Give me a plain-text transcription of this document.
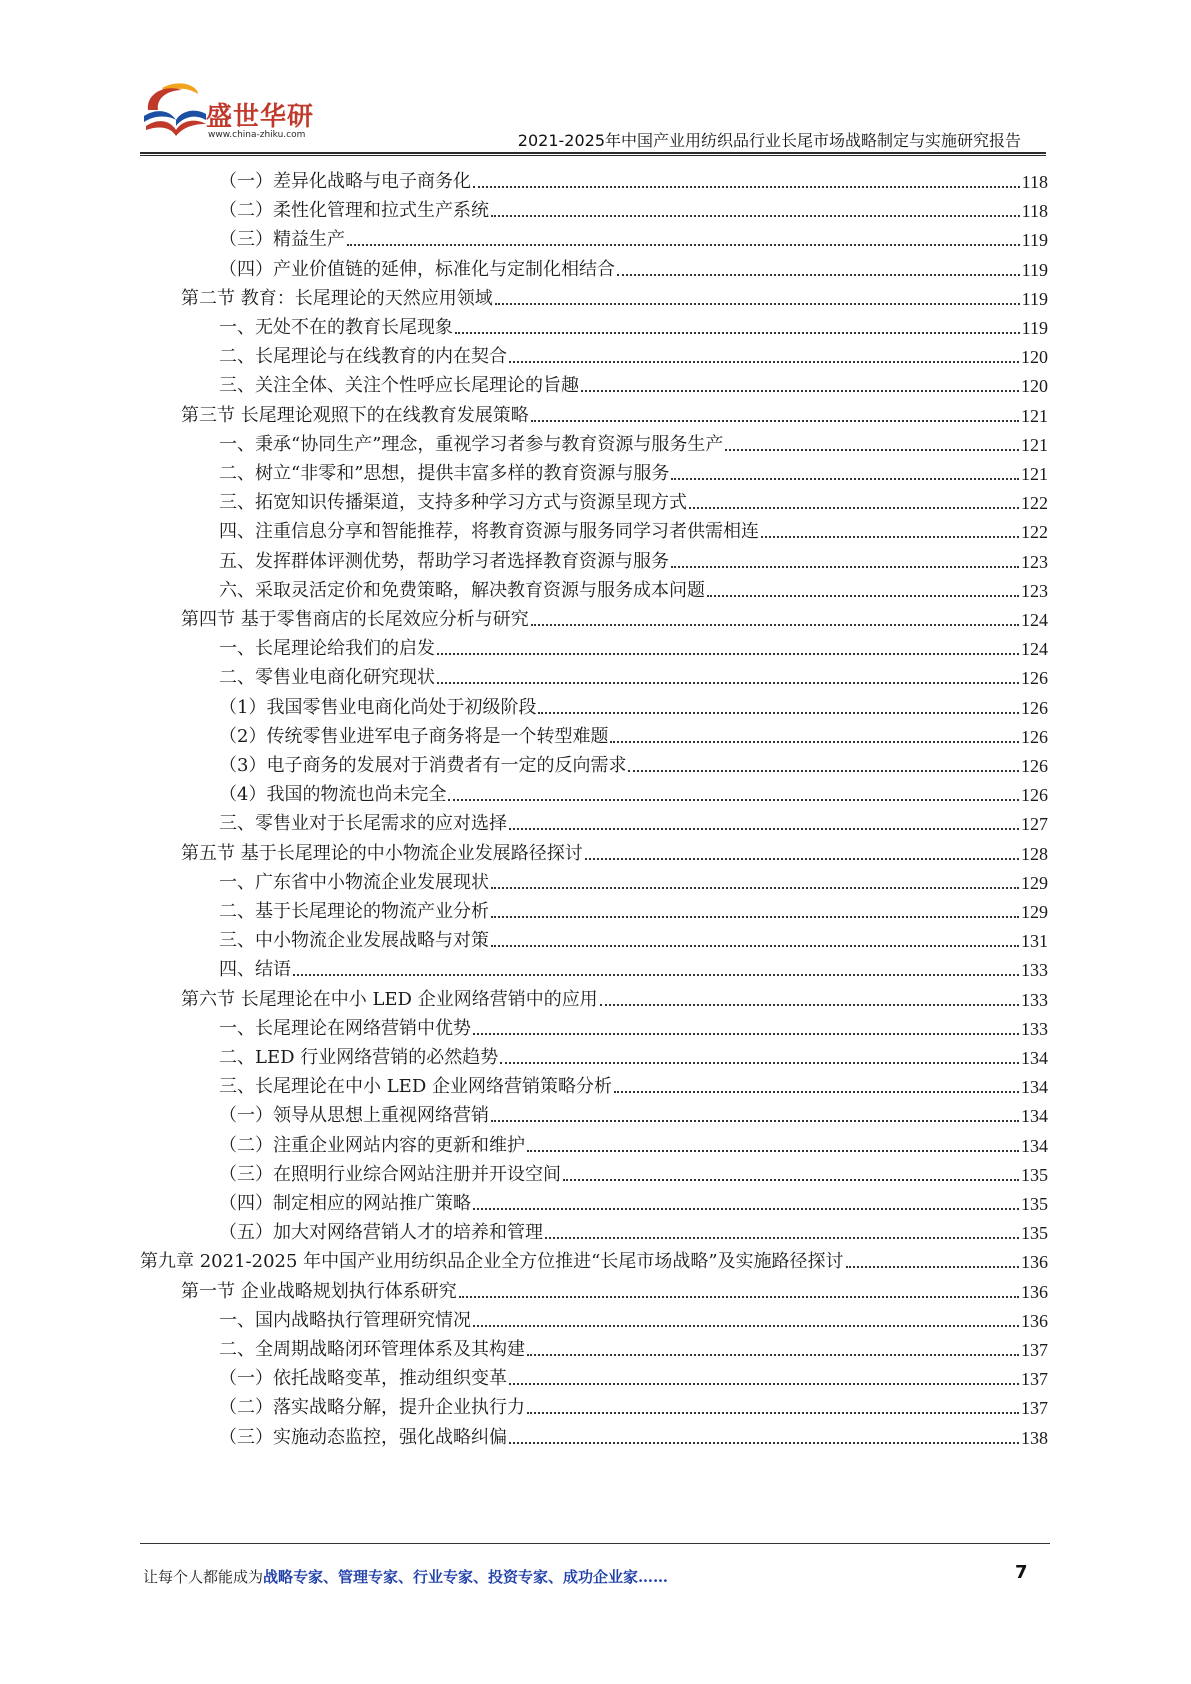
盛世华研
www.china-zhiku.com	2021-2025年中国产业用纺织品行业长尾市场战略制定与实施研究报告
（一）差异化战略与电子商务化	118
（二）柔性化管理和拉式生产系统	118
（三）精益生产	119
（四）产业价值链的延伸，标准化与定制化相结合	119
第二节 教育：长尾理论的天然应用领域	119
一、无处不在的教育长尾现象	119
二、长尾理论与在线教育的内在契合	120
三、关注全体、关注个性呼应长尾理论的旨趣	120
第三节 长尾理论观照下的在线教育发展策略	121
一、秉承“协同生产”理念，重视学习者参与教育资源与服务生产	121
二、树立“非零和”思想，提供丰富多样的教育资源与服务	121
三、拓宽知识传播渠道，支持多种学习方式与资源呈现方式	122
四、注重信息分享和智能推荐，将教育资源与服务同学习者供需相连	122
五、发挥群体评测优势，帮助学习者选择教育资源与服务	123
六、采取灵活定价和免费策略，解决教育资源与服务成本问题	123
第四节 基于零售商店的长尾效应分析与研究	124
一、长尾理论给我们的启发	124
二、零售业电商化研究现状	126
（1）我国零售业电商化尚处于初级阶段	126
（2）传统零售业进军电子商务将是一个转型难题	126
（3）电子商务的发展对于消费者有一定的反向需求	126
（4）我国的物流也尚未完全	126
三、零售业对于长尾需求的应对选择	127
第五节 基于长尾理论的中小物流企业发展路径探讨	128
一、广东省中小物流企业发展现状	129
二、基于长尾理论的物流产业分析	129
三、中小物流企业发展战略与对策	131
四、结语	133
第六节 长尾理论在中小 LED 企业网络营销中的应用	133
一、长尾理论在网络营销中优势	133
二、LED 行业网络营销的必然趋势	134
三、长尾理论在中小 LED 企业网络营销策略分析	134
（一）领导从思想上重视网络营销	134
（二）注重企业网站内容的更新和维护	134
（三）在照明行业综合网站注册并开设空间	135
（四）制定相应的网站推广策略	135
（五）加大对网络营销人才的培养和管理	135
第九章 2021-2025 年中国产业用纺织品企业全方位推进“长尾市场战略”及实施路径探讨	136
第一节 企业战略规划执行体系研究	136
一、国内战略执行管理研究情况	136
二、全周期战略闭环管理体系及其构建	137
（一）依托战略变革，推动组织变革	137
（二）落实战略分解，提升企业执行力	137
（三）实施动态监控，强化战略纠偏	138
让每个人都能成为战略专家、管理专家、行业专家、投资专家、成功企业家……	7
